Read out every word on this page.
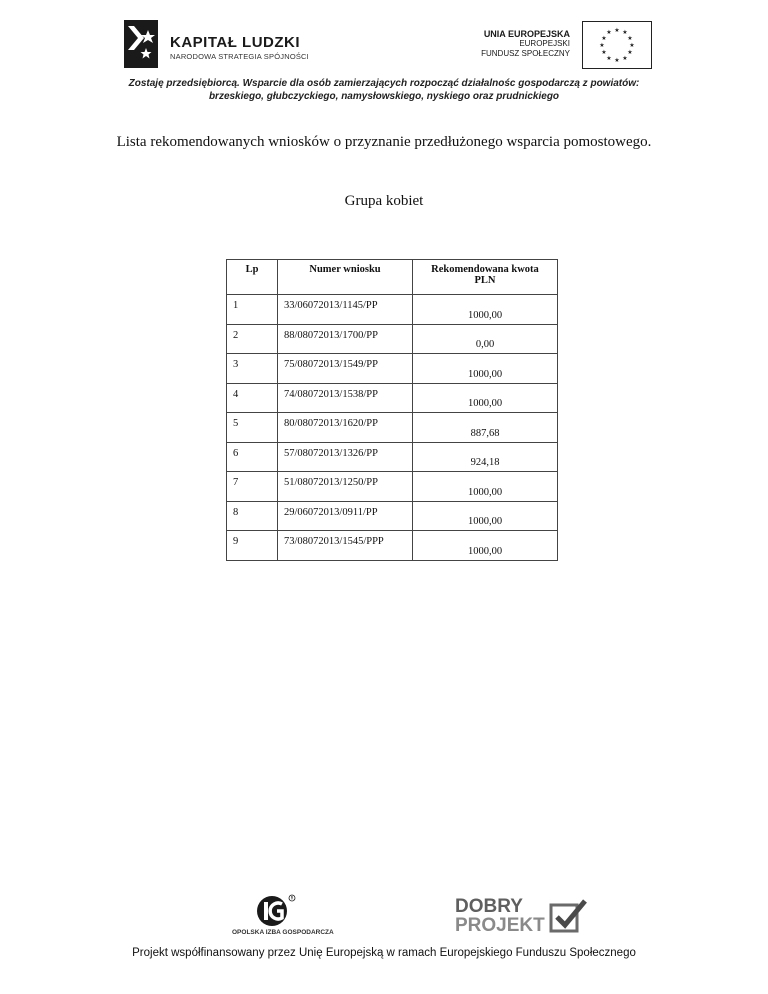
KAPITAŁ LUDZKI
NARODOWA STRATEGIA SPÓJNOŚCI
UNIA EUROPEJSKA
EUROPEJSKI
FUNDUSZ SPOŁECZNY
★ ★
★
★
★
★
★
★
★
★
★
★
Zostaję przedsiębiorcą. Wsparcie dla osób zamierzających rozpocząć działalnośc gospodarczą z powiatów:
brzeskiego, głubczyckiego, namysłowskiego, nyskiego oraz prudnickiego
Lista rekomendowanych wniosków o przyznanie przedłużonego wsparcia pomostowego.
Grupa kobiet
Lp	Numer wniosku	Rekomendowana kwota
PLN

1	33/06072013/1145/PP	1000,00
2	88/08072013/1700/PP	0,00
3	75/08072013/1549/PP	1000,00
4	74/08072013/1538/PP	1000,00
5	80/08072013/1620/PP	887,68
6	57/08072013/1326/PP	924,18
7	51/08072013/1250/PP	1000,00
8	29/06072013/0911/PP	1000,00
9	73/08072013/1545/PPP	1000,00
R
OPOLSKA IZBA GOSPODARCZA
DOBRY
PROJEKT
Projekt współfinansowany przez Unię Europejską w ramach Europejskiego Funduszu Społecznego
